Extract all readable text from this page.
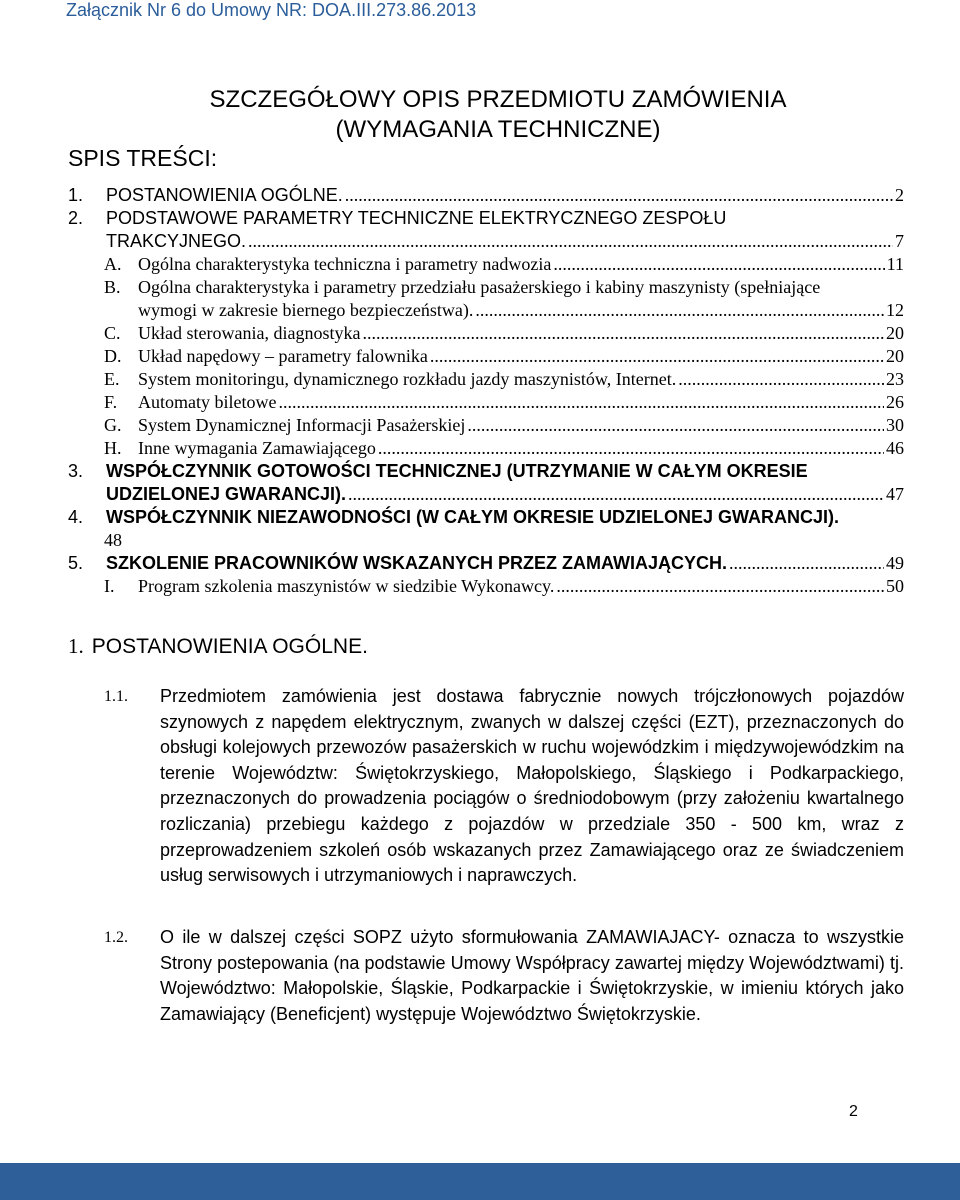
Załącznik Nr 6 do Umowy NR: DOA.III.273.86.2013
SZCZEGÓŁOWY OPIS PRZEDMIOTU ZAMÓWIENIA
(WYMAGANIA TECHNICZNE)
SPIS TREŚCI:
1.	POSTANOWIENIA OGÓLNE. .....	2
2.	PODSTAWOWE PARAMETRY TECHNICZNE ELEKTRYCZNEGO ZESPOŁU
TRAKCYJNEGO. .....	7
A. Ogólna charakterystyka techniczna i parametry nadwozia .....	11
B. Ogólna charakterystyka i parametry przedziału pasażerskiego i kabiny maszynisty (spełniające
wymogi w zakresie biernego bezpieczeństwa). .....	12
C. Układ sterowania, diagnostyka .....	20
D. Układ napędowy – parametry falownika .....	20
E.	System monitoringu, dynamicznego rozkładu jazdy maszynistów, Internet. .....	23
F.	Automaty biletowe .....	26
G. System Dynamicznej Informacji Pasażerskiej .....	30
H. Inne wymagania Zamawiającego .....	46
3.	WSPÓŁCZYNNIK GOTOWOŚCI TECHNICZNEJ (UTRZYMANIE W CAŁYM OKRESIE
UDZIELONEJ GWARANCJI). .....	47
4.	WSPÓŁCZYNNIK NIEZAWODNOŚCI (W CAŁYM OKRESIE UDZIELONEJ GWARANCJI).
48
5.	SZKOLENIE PRACOWNIKÓW WSKAZANYCH PRZEZ ZAMAWIAJĄCYCH. .....	49
I.	Program szkolenia maszynistów w siedzibie Wykonawcy. .....	50
1. POSTANOWIENIA OGÓLNE.
1.1.	Przedmiotem zamówienia jest dostawa fabrycznie nowych trójczłonowych pojazdów szynowych z napędem elektrycznym, zwanych w dalszej części (EZT), przeznaczonych do obsługi kolejowych przewozów pasażerskich w ruchu wojewódzkim i międzywojewódzkim na terenie Województw: Świętokrzyskiego, Małopolskiego, Śląskiego i Podkarpackiego, przeznaczonych do prowadzenia pociągów o średniodobowym (przy założeniu kwartalnego rozliczania) przebiegu każdego z pojazdów w przedziale 350 - 500 km, wraz z przeprowadzeniem szkoleń osób wskazanych przez Zamawiającego oraz ze świadczeniem usług serwisowych i utrzymaniowych i naprawczych.
1.2.	O ile w dalszej części SOPZ użyto sformułowania ZAMAWIAJACY- oznacza to wszystkie Strony postepowania (na podstawie Umowy Współpracy zawartej między Województwami) tj. Województwo: Małopolskie, Śląskie, Podkarpackie i Świętokrzyskie, w imieniu których jako Zamawiający (Beneficjent) występuje Województwo Świętokrzyskie.
2
